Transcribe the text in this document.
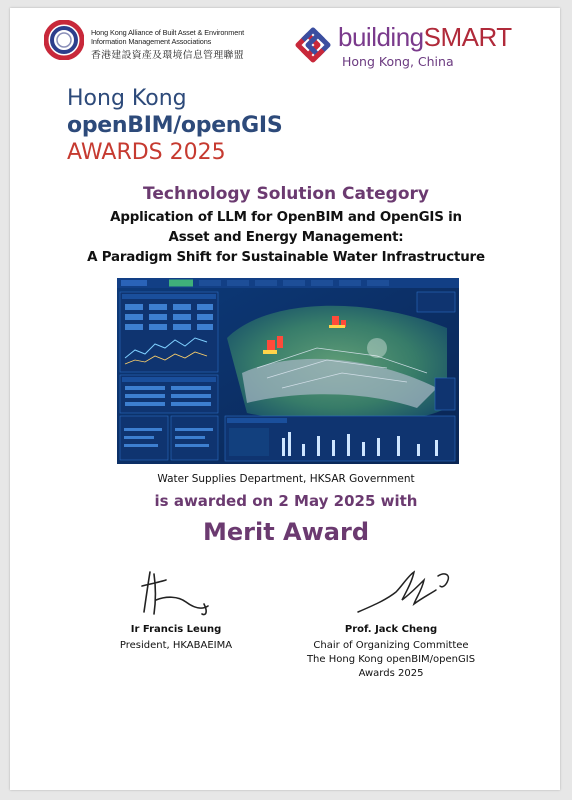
Hong Kong Alliance of Built Asset & Environment
Information Management Associations
香港建設資產及環境信息管理聯盟
buildingSMART
Hong Kong, China
Hong Kong
openBIM/openGIS
AWARDS 2025
Technology Solution Category
Application of LLM for OpenBIM and OpenGIS in
Asset and Energy Management:
A Paradigm Shift for Sustainable Water Infrastructure
Water Supplies Department, HKSAR Government
is awarded on 2 May 2025 with
Merit Award
Ir Francis Leung
President, HKABAEIMA
Prof. Jack Cheng
Chair of Organizing Committee
The Hong Kong openBIM/openGIS
Awards 2025
